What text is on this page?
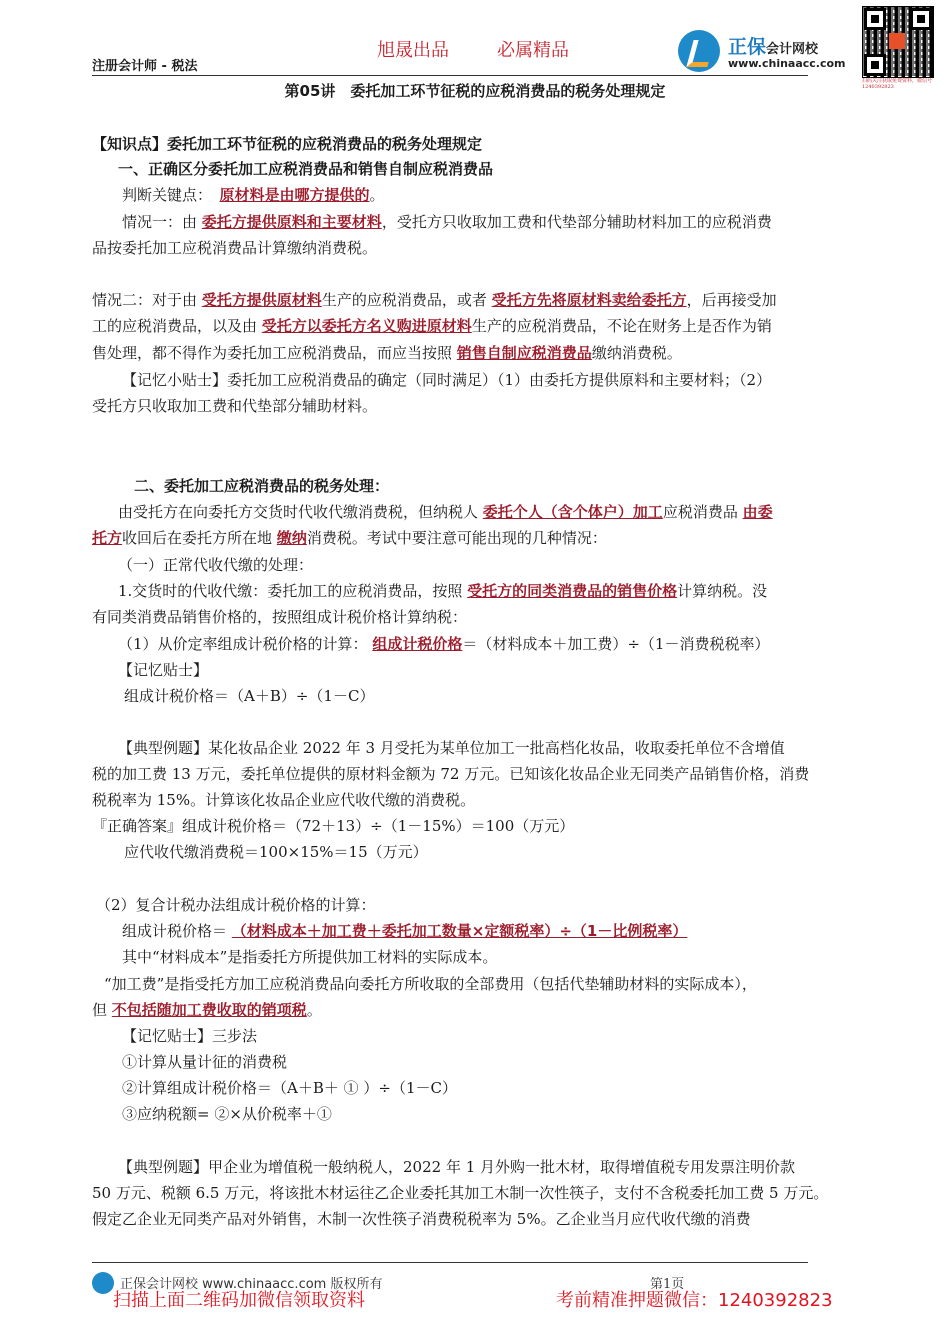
旭晟出品	必属精品
注册会计师 - 税法
正保会计网校
www.chinaacc.com
扫码关注获取免费资料，微信号1240392823
第05讲　委托加工环节征税的应税消费品的税务处理规定
【知识点】委托加工环节征税的应税消费品的税务处理规定
一、正确区分委托加工应税消费品和销售自制应税消费品
判断关键点：　 原材料是由哪方提供的。
情况一：由 委托方提供原料和主要材料，受托方只收取加工费和代垫部分辅助材料加工的应税消费
品按委托加工应税消费品计算缴纳消费税。
情况二：对于由 受托方提供原材料生产的应税消费品，或者 受托方先将原材料卖给委托方，后再接受加
工的应税消费品，以及由 受托方以委托方名义购进原材料生产的应税消费品，不论在财务上是否作为销
售处理，都不得作为委托加工应税消费品，而应当按照 销售自制应税消费品缴纳消费税。
【记忆小贴士】委托加工应税消费品的确定（同时满足）（1）由委托方提供原料和主要材料；（2）
受托方只收取加工费和代垫部分辅助材料。
二、委托加工应税消费品的税务处理：
由受托方在向委托方交货时代收代缴消费税，但纳税人 委托个人（含个体户）加工应税消费品 由委
托方收回后在委托方所在地 缴纳消费税。考试中要注意可能出现的几种情况：
（一）正常代收代缴的处理：
1.交货时的代收代缴：委托加工的应税消费品，按照 受托方的同类消费品的销售价格计算纳税。没
有同类消费品销售价格的，按照组成计税价格计算纳税：
（1）从价定率组成计税价格的计算： 组成计税价格＝（材料成本＋加工费）÷（1－消费税税率）
【记忆贴士】
组成计税价格＝（A＋B）÷（1－C）
【典型例题】某化妆品企业 2022 年 3 月受托为某单位加工一批高档化妆品，收取委托单位不含增值
税的加工费 13 万元，委托单位提供的原材料金额为 72 万元。已知该化妆品企业无同类产品销售价格，消费
税税率为 15%。计算该化妆品企业应代收代缴的消费税。
『正确答案』组成计税价格＝（72＋13）÷（1－15%）＝100（万元）
应代收代缴消费税＝100×15%＝15（万元）
（2）复合计税办法组成计税价格的计算：
组成计税价格＝ （材料成本＋加工费＋委托加工数量×定额税率）÷（1－比例税率）
其中“材料成本”是指委托方所提供加工材料的实际成本。
“加工费”是指受托方加工应税消费品向委托方所收取的全部费用（包括代垫辅助材料的实际成本），
但 不包括随加工费收取的销项税。
【记忆贴士】三步法
①计算从量计征的消费税
②计算组成计税价格＝（A＋B＋ ① ）÷（1－C）
③应纳税额= ②×从价税率＋①
【典型例题】甲企业为增值税一般纳税人，2022 年 1 月外购一批木材，取得增值税专用发票注明价款
50 万元、税额 6.5 万元，将该批木材运往乙企业委托其加工木制一次性筷子，支付不含税委托加工费 5 万元。
假定乙企业无同类产品对外销售，木制一次性筷子消费税税率为 5%。乙企业当月应代收代缴的消费
正保会计网校 www.chinaacc.com 版权所有	第1页
扫描上面二维码加微信领取资料	考前精准押题微信：1240392823
